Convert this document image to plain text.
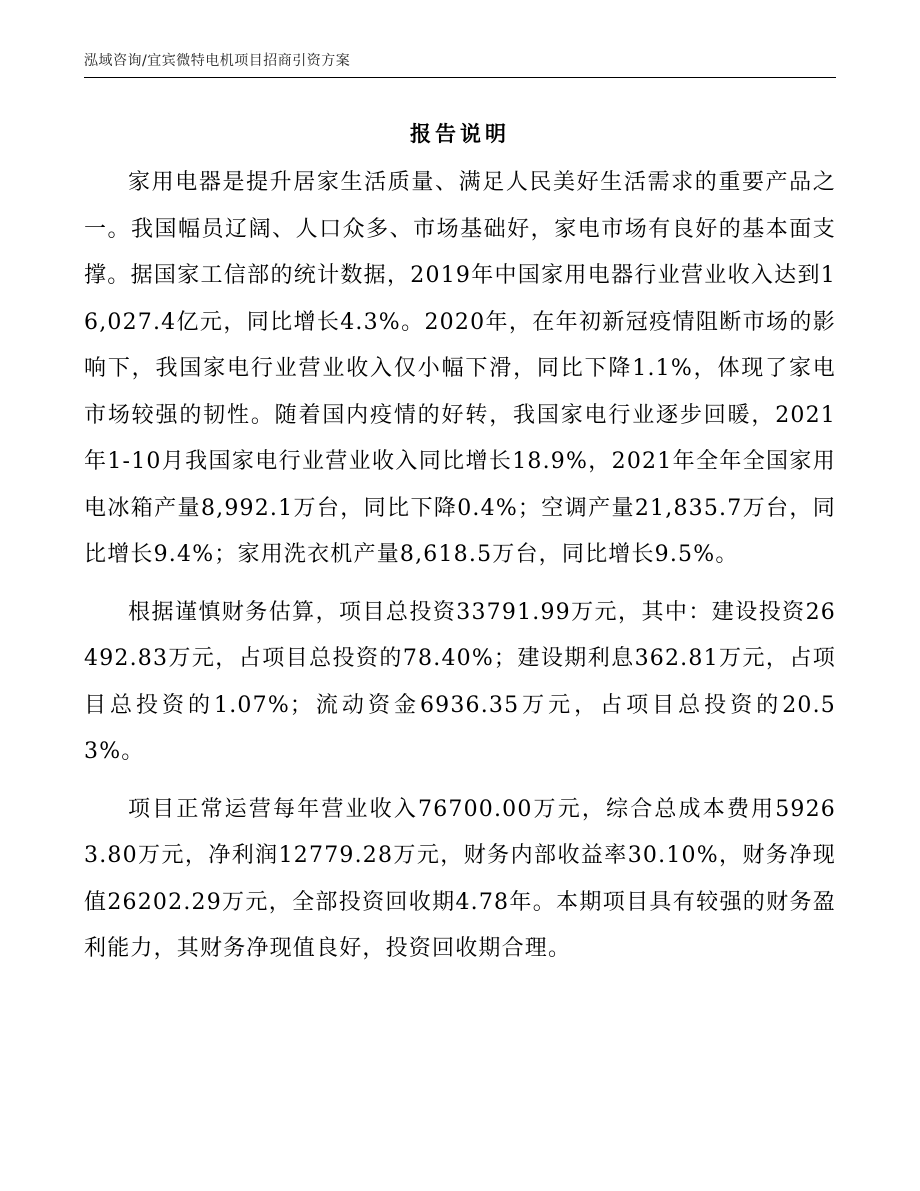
泓域咨询/宜宾微特电机项目招商引资方案
报告说明

家用电器是提升居家生活质量、满足人民美好生活需求的重要产品之一。我国幅员辽阔、人口众多、市场基础好，家电市场有良好的基本面支撑。据国家工信部的统计数据，2019年中国家用电器行业营业收入达到16,027.4亿元，同比增长4.3%。2020年，在年初新冠疫情阻断市场的影响下，我国家电行业营业收入仅小幅下滑，同比下降1.1%，体现了家电市场较强的韧性。随着国内疫情的好转，我国家电行业逐步回暖，2021年1-10月我国家电行业营业收入同比增长18.9%，2021年全年全国家用电冰箱产量8,992.1万台，同比下降0.4%；空调产量21,835.7万台，同比增长9.4%；家用洗衣机产量8,618.5万台，同比增长9.5%。

根据谨慎财务估算，项目总投资33791.99万元，其中：建设投资26492.83万元，占项目总投资的78.40%；建设期利息362.81万元，占项目总投资的1.07%；流动资金6936.35万元，占项目总投资的20.53%。

项目正常运营每年营业收入76700.00万元，综合总成本费用59263.80万元，净利润12779.28万元，财务内部收益率30.10%，财务净现值26202.29万元，全部投资回收期4.78年。本期项目具有较强的财务盈利能力，其财务净现值良好，投资回收期合理。
